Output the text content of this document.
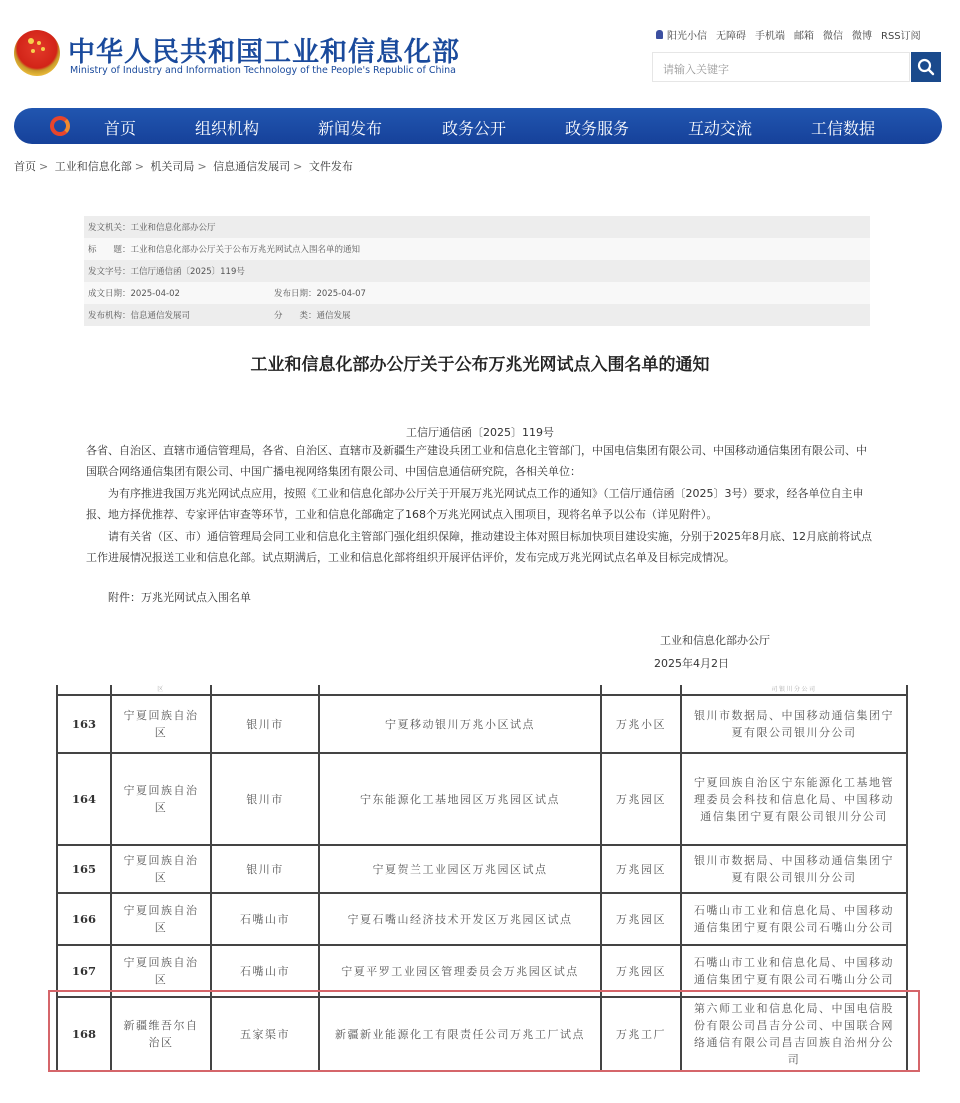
中华人民共和国工业和信息化部
Ministry of Industry and Information Technology of the People's Republic of China
阳光小信 无障碍 手机端 邮箱 微信 微博 RSS订阅
请输入关键字
首页	组织机构	新闻发布	政务公开	政务服务	互动交流	工信数据
首页 > 工业和信息化部 > 机关司局 > 信息通信发展司 > 文件发布
发文机关： 工业和信息化部办公厅
标　　题： 工业和信息化部办公厅关于公布万兆光网试点入围名单的通知
发文字号： 工信厅通信函〔2025〕119号
成文日期：2025-04-02	发布日期：2025-04-07
发布机构：信息通信发展司	分　　类：通信发展
工业和信息化部办公厅关于公布万兆光网试点入围名单的通知
工信厅通信函〔2025〕119号
各省、自治区、直辖市通信管理局，各省、自治区、直辖市及新疆生产建设兵团工业和信息化主管部门，中国电信集团有限公司、中国移动通信集团有限公司、中国联合网络通信集团有限公司、中国广播电视网络集团有限公司、中国信息通信研究院，各相关单位：
为有序推进我国万兆光网试点应用，按照《工业和信息化部办公厅关于开展万兆光网试点工作的通知》（工信厅通信函〔2025〕3号）要求，经各单位自主申报、地方择优推荐、专家评估审查等环节，工业和信息化部确定了168个万兆光网试点入围项目，现将名单予以公布（详见附件）。
请有关省（区、市）通信管理局会同工业和信息化主管部门强化组织保障，推动建设主体对照目标加快项目建设实施，分别于2025年8月底、12月底前将试点工作进展情况报送工业和信息化部。试点期满后，工业和信息化部将组织开展评估评价，发布完成万兆光网试点名单及目标完成情况。
附件：万兆光网试点入围名单
工业和信息化部办公厅
2025年4月2日
	区				司银川分公司
163	宁夏回族自治区	银川市	宁夏移动银川万兆小区试点	万兆小区	银川市数据局、中国移动通信集团宁夏有限公司银川分公司
164	宁夏回族自治区	银川市	宁东能源化工基地园区万兆园区试点	万兆园区	宁夏回族自治区宁东能源化工基地管理委员会科技和信息化局、中国移动通信集团宁夏有限公司银川分公司
165	宁夏回族自治区	银川市	宁夏贺兰工业园区万兆园区试点	万兆园区	银川市数据局、中国移动通信集团宁夏有限公司银川分公司
166	宁夏回族自治区	石嘴山市	宁夏石嘴山经济技术开发区万兆园区试点	万兆园区	石嘴山市工业和信息化局、中国移动通信集团宁夏有限公司石嘴山分公司
167	宁夏回族自治区	石嘴山市	宁夏平罗工业园区管理委员会万兆园区试点	万兆园区	石嘴山市工业和信息化局、中国移动通信集团宁夏有限公司石嘴山分公司
168	新疆维吾尔自治区	五家渠市	新疆新业能源化工有限责任公司万兆工厂试点	万兆工厂	第六师工业和信息化局、中国电信股份有限公司昌吉分公司、中国联合网络通信有限公司昌吉回族自治州分公司
